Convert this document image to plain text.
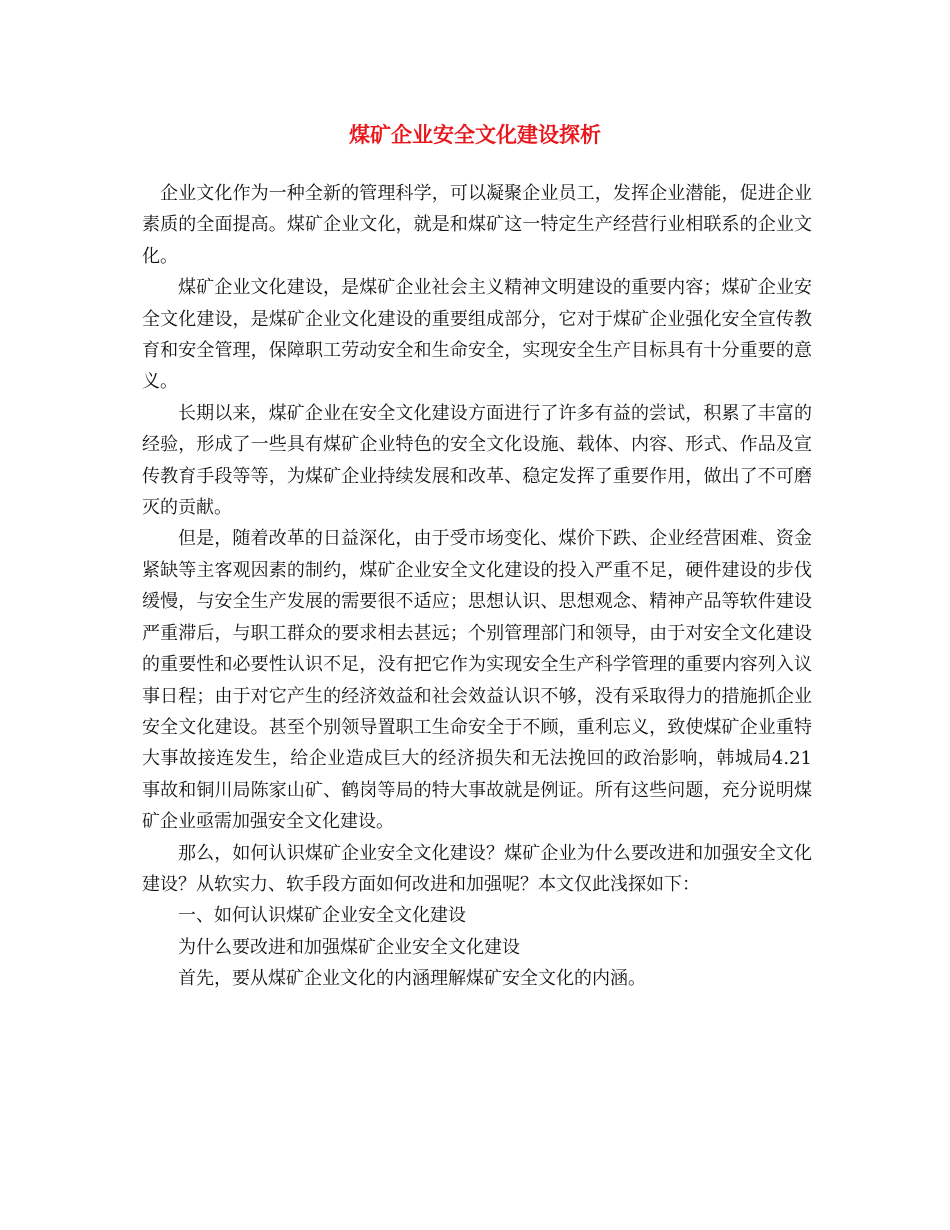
煤矿企业安全文化建设探析

企业文化作为一种全新的管理科学，可以凝聚企业员工，发挥企业潜能，促进企业素质的全面提高。煤矿企业文化，就是和煤矿这一特定生产经营行业相联系的企业文化。

煤矿企业文化建设，是煤矿企业社会主义精神文明建设的重要内容；煤矿企业安全文化建设，是煤矿企业文化建设的重要组成部分，它对于煤矿企业强化安全宣传教育和安全管理，保障职工劳动安全和生命安全，实现安全生产目标具有十分重要的意义。

长期以来，煤矿企业在安全文化建设方面进行了许多有益的尝试，积累了丰富的经验，形成了一些具有煤矿企业特色的安全文化设施、载体、内容、形式、作品及宣传教育手段等等，为煤矿企业持续发展和改革、稳定发挥了重要作用，做出了不可磨灭的贡献。

但是，随着改革的日益深化，由于受市场变化、煤价下跌、企业经营困难、资金紧缺等主客观因素的制约，煤矿企业安全文化建设的投入严重不足，硬件建设的步伐缓慢，与安全生产发展的需要很不适应；思想认识、思想观念、精神产品等软件建设严重滞后，与职工群众的要求相去甚远；个别管理部门和领导，由于对安全文化建设的重要性和必要性认识不足，没有把它作为实现安全生产科学管理的重要内容列入议事日程；由于对它产生的经济效益和社会效益认识不够，没有采取得力的措施抓企业安全文化建设。甚至个别领导置职工生命安全于不顾，重利忘义，致使煤矿企业重特大事故接连发生，给企业造成巨大的经济损失和无法挽回的政治影响，韩城局4.21事故和铜川局陈家山矿、鹤岗等局的特大事故就是例证。所有这些问题，充分说明煤矿企业亟需加强安全文化建设。

那么，如何认识煤矿企业安全文化建设？煤矿企业为什么要改进和加强安全文化建设？从软实力、软手段方面如何改进和加强呢？本文仅此浅探如下：

一、如何认识煤矿企业安全文化建设

为什么要改进和加强煤矿企业安全文化建设

首先，要从煤矿企业文化的内涵理解煤矿安全文化的内涵。
